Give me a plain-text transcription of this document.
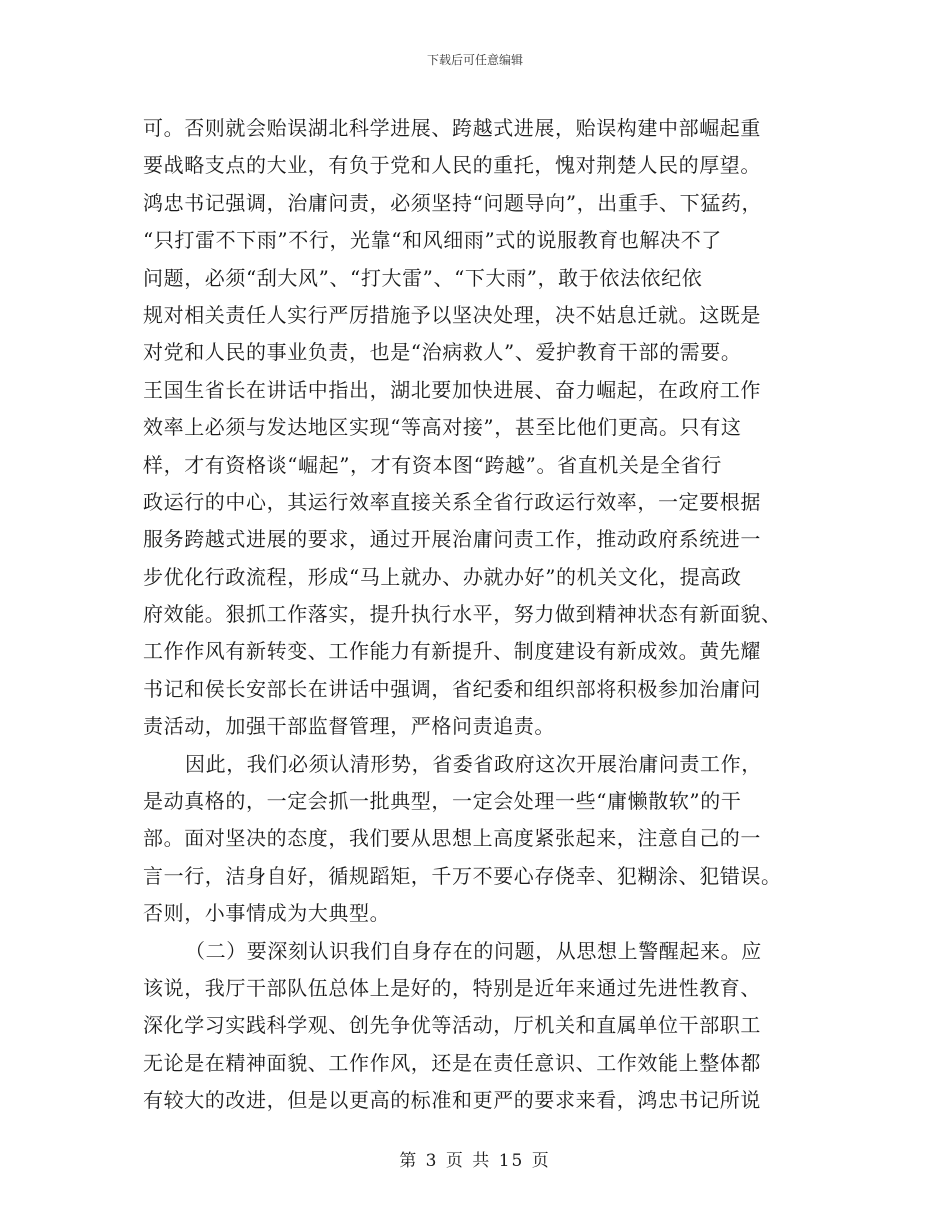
下载后可任意编辑
可。否则就会贻误湖北科学进展、跨越式进展，贻误构建中部崛起重
要战略支点的大业，有负于党和人民的重托，愧对荆楚人民的厚望。
鸿忠书记强调，治庸问责，必须坚持“问题导向”，出重手、下猛药，
“只打雷不下雨”不行，光靠“和风细雨”式的说服教育也解决不了
问题，必须“刮大风”、“打大雷”、“下大雨”，敢于依法依纪依
规对相关责任人实行严厉措施予以坚决处理，决不姑息迁就。这既是
对党和人民的事业负责，也是“治病救人”、爱护教育干部的需要。
王国生省长在讲话中指出，湖北要加快进展、奋力崛起，在政府工作
效率上必须与发达地区实现“等高对接”，甚至比他们更高。只有这
样，才有资格谈“崛起”，才有资本图“跨越”。省直机关是全省行
政运行的中心，其运行效率直接关系全省行政运行效率，一定要根据
服务跨越式进展的要求，通过开展治庸问责工作，推动政府系统进一
步优化行政流程，形成“马上就办、办就办好”的机关文化，提高政
府效能。狠抓工作落实，提升执行水平，努力做到精神状态有新面貌、
工作作风有新转变、工作能力有新提升、制度建设有新成效。黄先耀
书记和侯长安部长在讲话中强调，省纪委和组织部将积极参加治庸问
责活动，加强干部监督管理，严格问责追责。
因此，我们必须认清形势，省委省政府这次开展治庸问责工作，
是动真格的，一定会抓一批典型，一定会处理一些“庸懒散软”的干
部。面对坚决的态度，我们要从思想上高度紧张起来，注意自己的一
言一行，洁身自好，循规蹈矩，千万不要心存侥幸、犯糊涂、犯错误。
否则，小事情成为大典型。
（二）要深刻认识我们自身存在的问题，从思想上警醒起来。应
该说，我厅干部队伍总体上是好的，特别是近年来通过先进性教育、
深化学习实践科学观、创先争优等活动，厅机关和直属单位干部职工
无论是在精神面貌、工作作风，还是在责任意识、工作效能上整体都
有较大的改进，但是以更高的标准和更严的要求来看，鸿忠书记所说
第 3 页 共 15 页
